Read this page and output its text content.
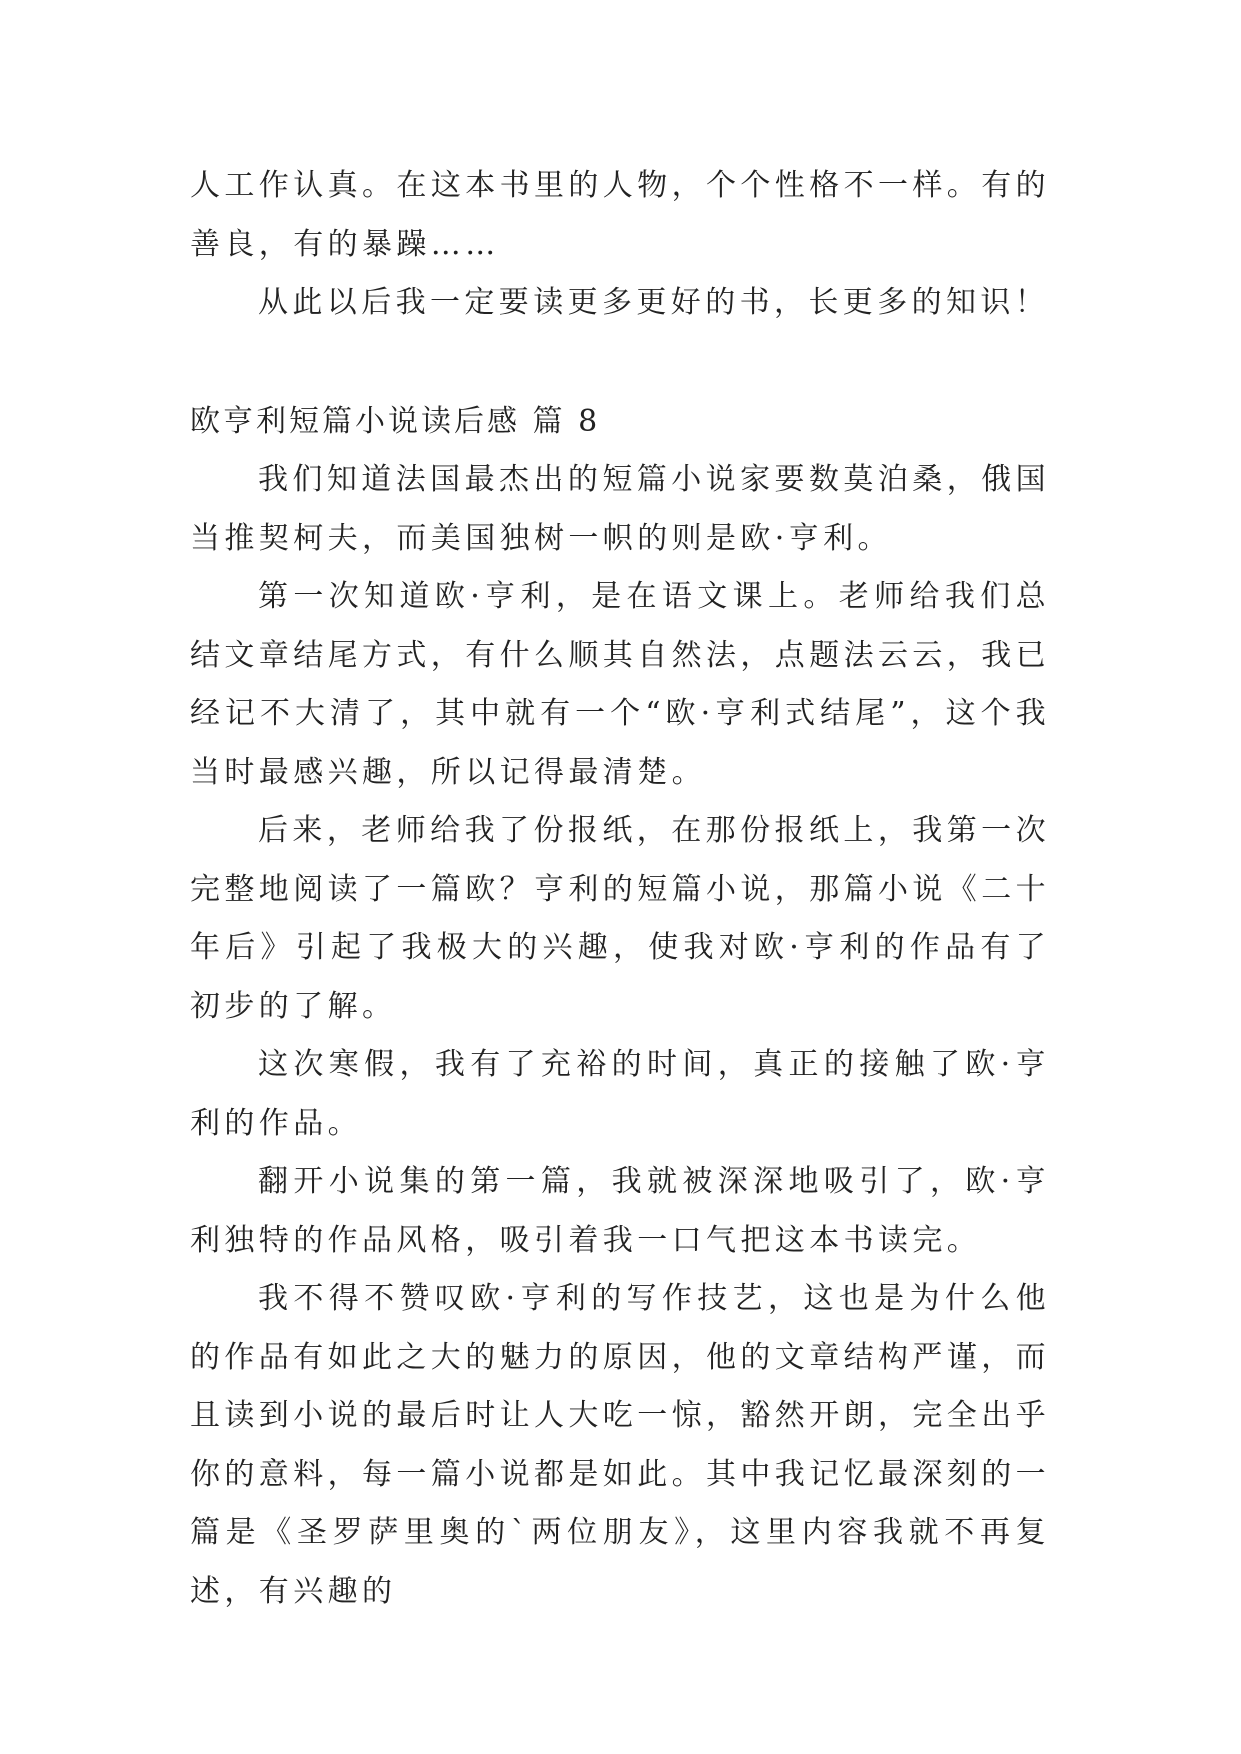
人工作认真。在这本书里的人物，个个性格不一样。有的善良，有的暴躁……

从此以后我一定要读更多更好的书，长更多的知识！

欧亨利短篇小说读后感 篇 8

我们知道法国最杰出的短篇小说家要数莫泊桑，俄国当推契柯夫，而美国独树一帜的则是欧·亨利。

第一次知道欧·亨利，是在语文课上。老师给我们总结文章结尾方式，有什么顺其自然法，点题法云云，我已经记不大清了，其中就有一个“欧·亨利式结尾”，这个我当时最感兴趣，所以记得最清楚。

后来，老师给我了份报纸，在那份报纸上，我第一次完整地阅读了一篇欧？亨利的短篇小说，那篇小说《二十年后》引起了我极大的兴趣，使我对欧·亨利的作品有了初步的了解。

这次寒假，我有了充裕的时间，真正的接触了欧·亨利的作品。

翻开小说集的第一篇，我就被深深地吸引了，欧·亨利独特的作品风格，吸引着我一口气把这本书读完。

我不得不赞叹欧·亨利的写作技艺，这也是为什么他的作品有如此之大的魅力的原因，他的文章结构严谨，而且读到小说的最后时让人大吃一惊，豁然开朗，完全出乎你的意料，每一篇小说都是如此。其中我记忆最深刻的一篇是《圣罗萨里奥的`两位朋友》，这里内容我就不再复述，有兴趣的
